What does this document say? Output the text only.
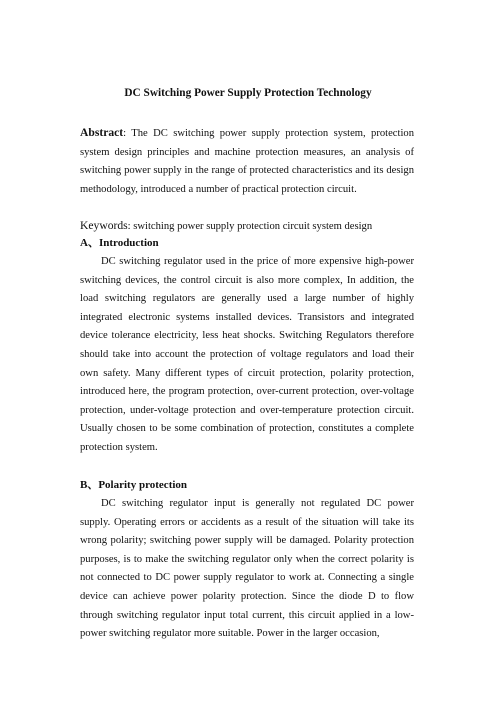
DC Switching Power Supply Protection Technology
Abstract: The DC switching power supply protection system, protection system design principles and machine protection measures, an analysis of switching power supply in the range of protected characteristics and its design methodology, introduced a number of practical protection circuit.
Keywords: switching power supply protection circuit system design
A、Introduction
DC switching regulator used in the price of more expensive high-power switching devices, the control circuit is also more complex, In addition, the load switching regulators are generally used a large number of highly integrated electronic systems installed devices. Transistors and integrated device tolerance electricity, less heat shocks. Switching Regulators therefore should take into account the protection of voltage regulators and load their own safety. Many different types of circuit protection, polarity protection, introduced here, the program protection, over-current protection, over-voltage protection, under-voltage protection and over-temperature protection circuit. Usually chosen to be some combination of protection, constitutes a complete protection system.
B、Polarity protection
DC switching regulator input is generally not regulated DC power supply. Operating errors or accidents as a result of the situation will take its wrong polarity; switching power supply will be damaged. Polarity protection purposes, is to make the switching regulator only when the correct polarity is not connected to DC power supply regulator to work at. Connecting a single device can achieve power polarity protection. Since the diode D to flow through switching regulator input total current, this circuit applied in a low-power switching regulator more suitable. Power in the larger occasion,
